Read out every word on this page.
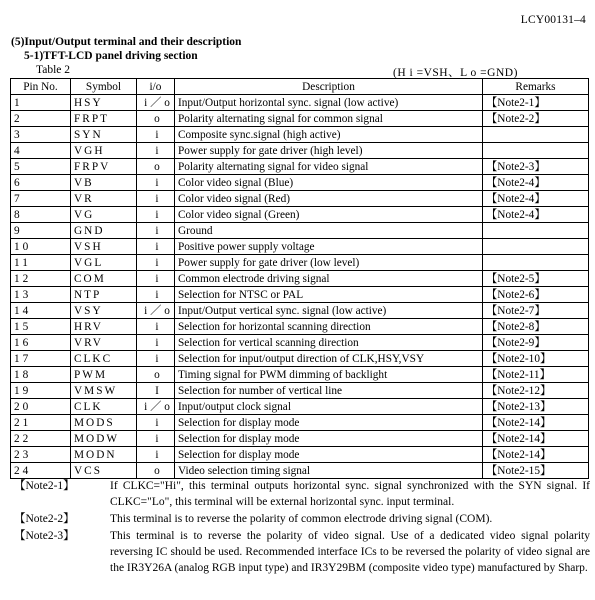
LCY00131–4
(5)Input/Output terminal and their description
5-1)TFT-LCD panel driving section
Table 2	(H i =VSH、L o =GND)
Pin No.	Symbol	i/o	Description	Remarks
1	HSY	i ／ o	Input/Output horizontal sync. signal (low active)	【Note2-1】
2	FRPT	o	Polarity alternating signal for common signal	【Note2-2】
3	SYN	i	Composite sync.signal (high active)	
4	VGH	i	Power supply for gate driver (high level)	
5	FRPV	o	Polarity alternating signal for video signal	【Note2-3】
6	VB	i	Color video signal (Blue)	【Note2-4】
7	VR	i	Color video signal (Red)	【Note2-4】
8	VG	i	Color video signal (Green)	【Note2-4】
9	GND	i	Ground	
10	VSH	i	Positive power supply voltage	
11	VGL	i	Power supply for gate driver (low level)	
12	COM	i	Common electrode driving signal	【Note2-5】
13	NTP	i	Selection for NTSC or PAL	【Note2-6】
14	VSY	i ／ o	Input/Output vertical sync. signal (low active)	【Note2-7】
15	HRV	i	Selection for horizontal scanning direction	【Note2-8】
16	VRV	i	Selection for vertical scanning direction	【Note2-9】
17	CLKC	i	Selection for input/output direction of CLK,HSY,VSY	【Note2-10】
18	PWM	o	Timing signal for PWM dimming of backlight	【Note2-11】
19	VMSW	I	Selection for number of vertical line	【Note2-12】
20	CLK	i ／ o	Input/output clock signal	【Note2-13】
21	MODS	i	Selection for display mode	【Note2-14】
22	MODW	i	Selection for display mode	【Note2-14】
23	MODN	i	Selection for display mode	【Note2-14】
24	VCS	o	Video selection timing signal	【Note2-15】
【Note2-1】	If CLKC="Hi", this terminal outputs horizontal sync. signal synchronized with the SYN signal. If CLKC="Lo", this terminal will be external horizontal sync. input terminal.
【Note2-2】	This terminal is to reverse the polarity of common electrode driving signal (COM).
【Note2-3】	This terminal is to reverse the polarity of video signal. Use of a dedicated video signal polarity reversing IC should be used. Recommended interface ICs to be reversed the polarity of video signal are the IR3Y26A (analog RGB input type) and IR3Y29BM (composite video type) manufactured by Sharp.
